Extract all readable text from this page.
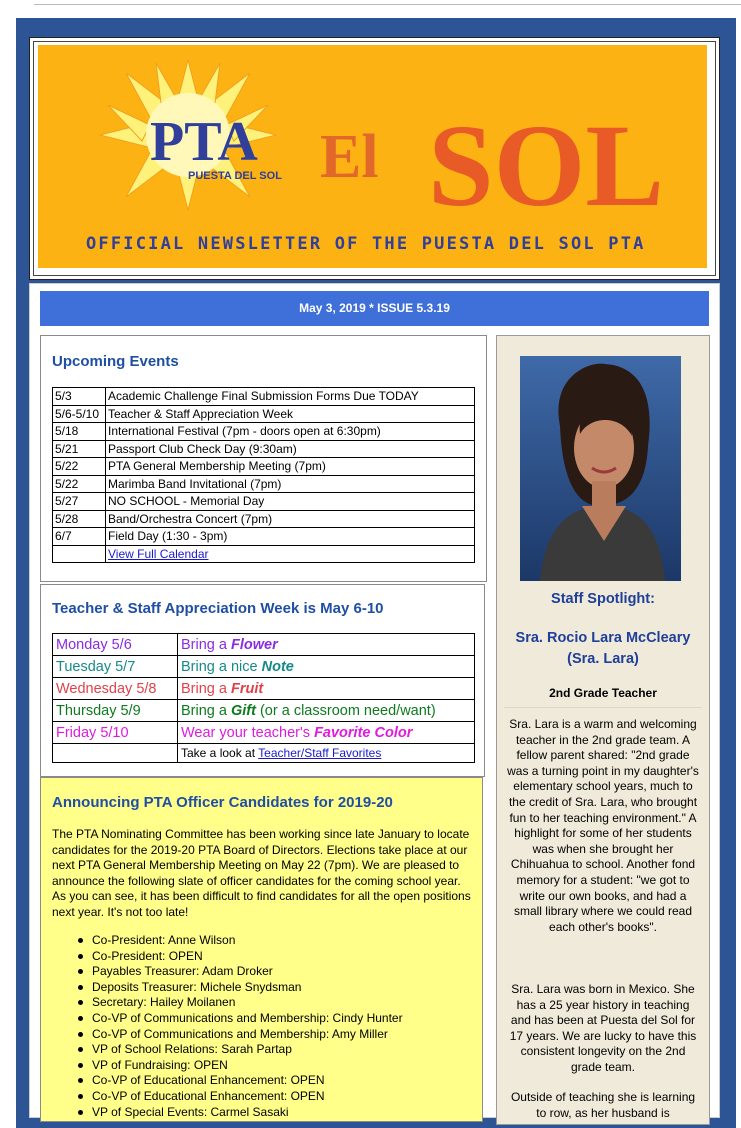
PTA
PUESTA DEL SOL El SOL
OFFICIAL NEWSLETTER OF THE PUESTA DEL SOL PTA
May 3, 2019 * ISSUE 5.3.19
Upcoming Events
5/3	Academic Challenge Final Submission Forms Due TODAY
5/6-5/10	Teacher & Staff Appreciation Week
5/18	International Festival (7pm - doors open at 6:30pm)
5/21	Passport Club Check Day (9:30am)
5/22	PTA General Membership Meeting (7pm)
5/22	Marimba Band Invitational (7pm)
5/27	NO SCHOOL - Memorial Day
5/28	Band/Orchestra Concert (7pm)
6/7	Field Day (1:30 - 3pm)
	View Full Calendar
Teacher & Staff Appreciation Week is May 6-10
Monday 5/6	Bring a Flower
Tuesday 5/7	Bring a nice Note
Wednesday 5/8	Bring a Fruit
Thursday 5/9	Bring a Gift (or a classroom need/want)
Friday 5/10	Wear your teacher's Favorite Color
	Take a look at Teacher/Staff Favorites
Announcing PTA Officer Candidates for 2019-20

The PTA Nominating Committee has been working since late January to locate candidates for the 2019-20 PTA Board of Directors. Elections take place at our next PTA General Membership Meeting on May 22 (7pm). We are pleased to announce the following slate of officer candidates for the coming school year. As you can see, it has been difficult to find candidates for all the open positions next year. It's not too late!

Co-President: Anne Wilson
Co-President: OPEN
Payables Treasurer: Adam Droker
Deposits Treasurer: Michele Snydsman
Secretary: Hailey Moilanen
Co-VP of Communications and Membership: Cindy Hunter
Co-VP of Communications and Membership: Amy Miller
VP of School Relations: Sarah Partap
VP of Fundraising: OPEN
Co-VP of Educational Enhancement: OPEN
Co-VP of Educational Enhancement: OPEN
VP of Special Events: Carmel Sasaki
Staff Spotlight:
Sra. Rocio Lara McCleary (Sra. Lara)
2nd Grade Teacher
Sra. Lara is a warm and welcoming teacher in the 2nd grade team. A fellow parent shared: "2nd grade was a turning point in my daughter's elementary school years, much to the credit of Sra. Lara, who brought fun to her teaching environment." A highlight for some of her students was when she brought her Chihuahua to school. Another fond memory for a student: "we got to write our own books, and had a small library where we could read each other's books".
Sra. Lara was born in Mexico. She has a 25 year history in teaching and has been at Puesta del Sol for 17 years. We are lucky to have this consistent longevity on the 2nd grade team.
Outside of teaching she is learning to row, as her husband is
